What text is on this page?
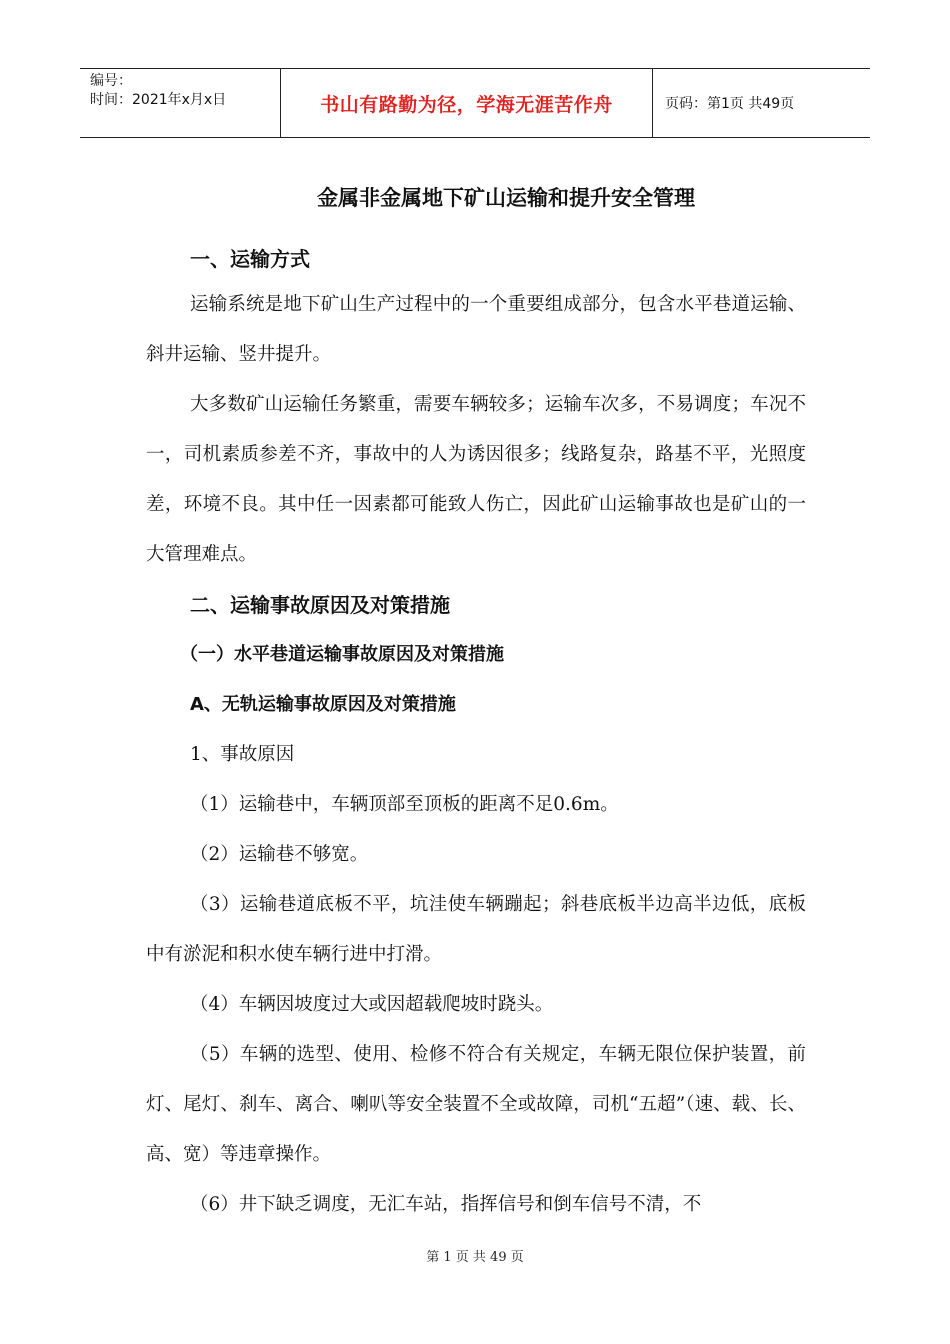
编号：
时间：2021年x月x日	书山有路勤为径，学海无涯苦作舟	页码：第1页 共49页
金属非金属地下矿山运输和提升安全管理
一、运输方式

运输系统是地下矿山生产过程中的一个重要组成部分，包含水平巷道运输、斜井运输、竖井提升。

大多数矿山运输任务繁重，需要车辆较多；运输车次多，不易调度；车况不一，司机素质参差不齐，事故中的人为诱因很多；线路复杂，路基不平，光照度差，环境不良。其中任一因素都可能致人伤亡，因此矿山运输事故也是矿山的一大管理难点。

二、运输事故原因及对策措施
（一）水平巷道运输事故原因及对策措施
A、无轨运输事故原因及对策措施

1、事故原因

（1）运输巷中，车辆顶部至顶板的距离不足0.6m。

（2）运输巷不够宽。

（3）运输巷道底板不平，坑洼使车辆蹦起；斜巷底板半边高半边低，底板中有淤泥和积水使车辆行进中打滑。

（4）车辆因坡度过大或因超载爬坡时跷头。

（5）车辆的选型、使用、检修不符合有关规定，车辆无限位保护装置，前灯、尾灯、刹车、离合、喇叭等安全装置不全或故障，司机“五超”（速、载、长、高、宽）等违章操作。

（6）井下缺乏调度，无汇车站，指挥信号和倒车信号不清，不

第 1 页 共 49 页
